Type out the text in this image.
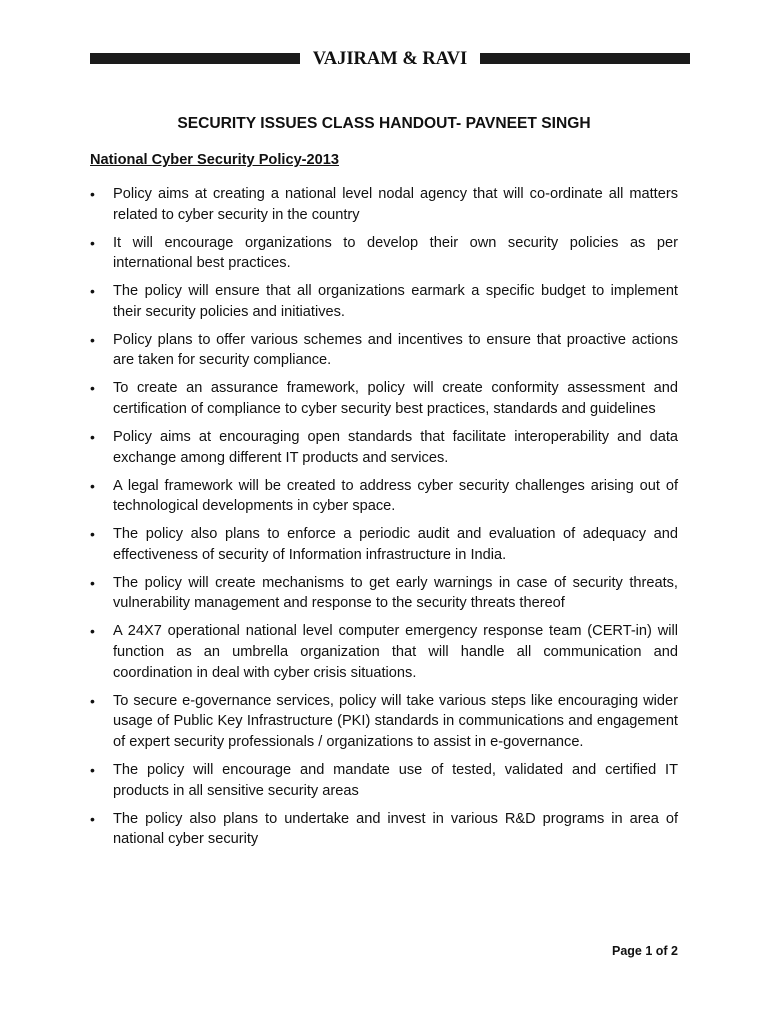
VAJIRAM & RAVI
SECURITY ISSUES CLASS HANDOUT- PAVNEET SINGH
National Cyber Security Policy-2013
• Policy aims at creating a national level nodal agency that will co-ordinate all matters related to cyber security in the country
• It will encourage organizations to develop their own security policies as per international best practices.
• The policy will ensure that all organizations earmark a specific budget to implement their security policies and initiatives.
• Policy plans to offer various schemes and incentives to ensure that proactive actions are taken for security compliance.
• To create an assurance framework, policy will create conformity assessment and certification of compliance to cyber security best practices, standards and guidelines
• Policy aims at encouraging open standards that facilitate interoperability and data exchange among different IT products and services.
• A legal framework will be created to address cyber security challenges arising out of technological developments in cyber space.
• The policy also plans to enforce a periodic audit and evaluation of adequacy and effectiveness of security of Information infrastructure in India.
• The policy will create mechanisms to get early warnings in case of security threats, vulnerability management and response to the security threats thereof
• A 24X7 operational national level computer emergency response team (CERT-in) will function as an umbrella organization that will handle all communication and coordination in deal with cyber crisis situations.
• To secure e-governance services, policy will take various steps like encouraging wider usage of Public Key Infrastructure (PKI) standards in communications and engagement of expert security professionals / organizations to assist in e-governance.
• The policy will encourage and mandate use of tested, validated and certified IT products in all sensitive security areas
• The policy also plans to undertake and invest in various R&D programs in area of national cyber security
Page 1 of 2
